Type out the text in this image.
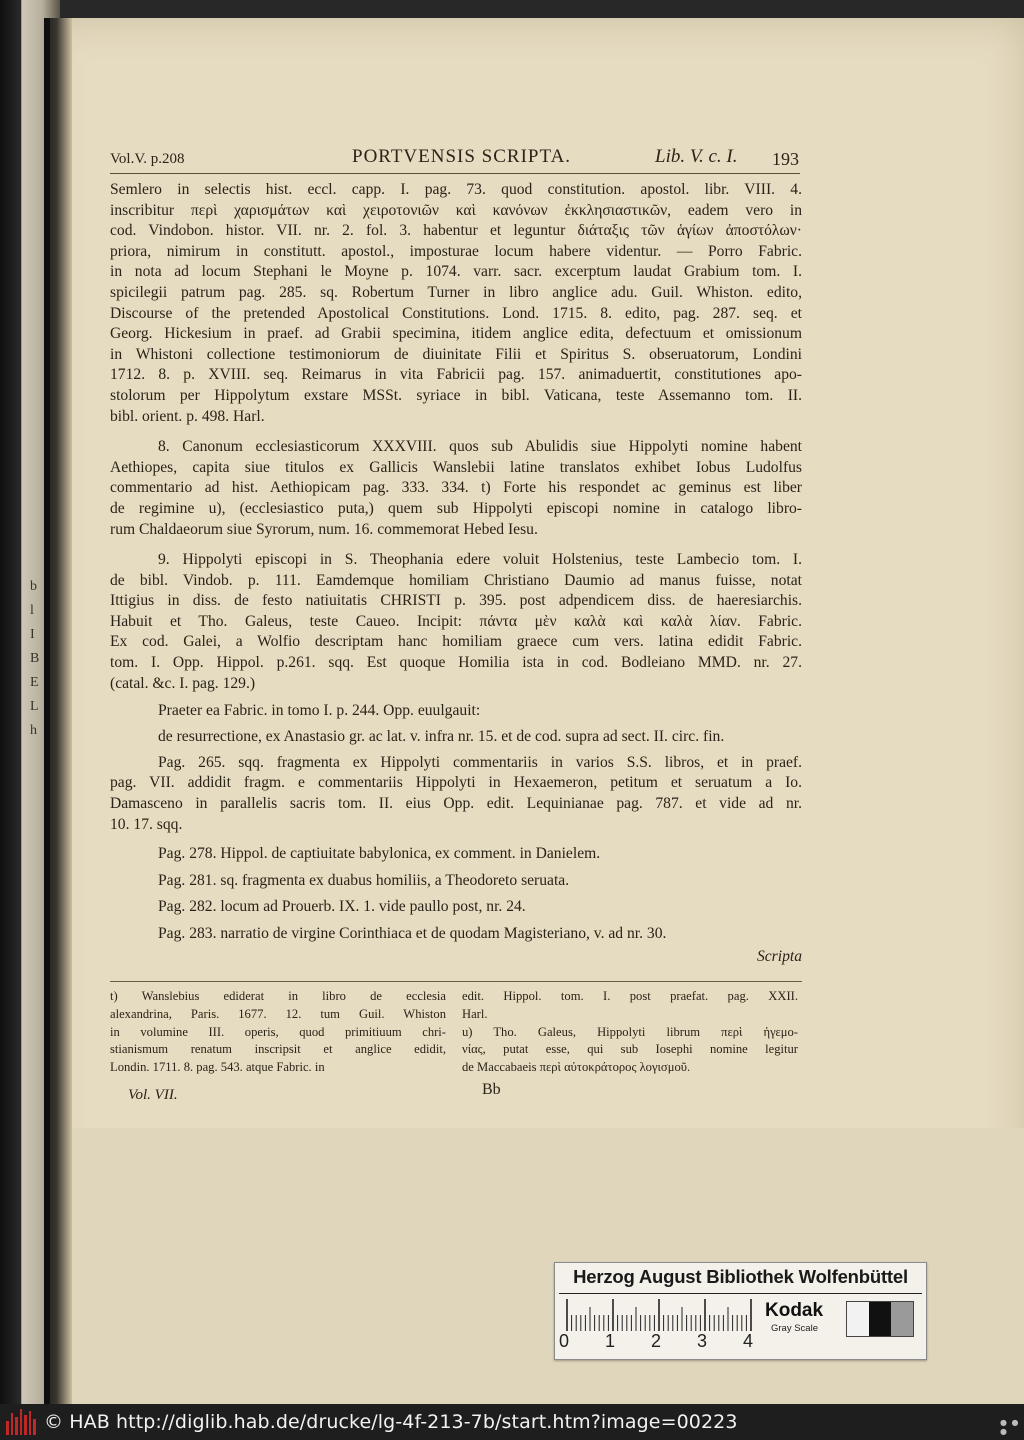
b
l
I
B
E
L
h
Vol.V. p.208	PORTVENSIS SCRIPTA.	Lib. V. c. I. 193
Semlero in selectis hist. eccl. capp. I. pag. 73. quod constitution. apostol. libr. VIII. 4.
inscribitur περὶ χαρισμάτων καὶ χειροτονιῶν καὶ κανόνων ἐκκλησιαστικῶν, eadem vero in
cod. Vindobon. histor. VII. nr. 2. fol. 3. habentur et leguntur διάταξις τῶν ἁγίων ἀποστόλων·
priora, nimirum in constitutt. apostol., imposturae locum habere videntur. — Porro Fabric.
in nota ad locum Stephani le Moyne p. 1074. varr. sacr. excerptum laudat Grabium tom. I.
spicilegii patrum pag. 285. sq. Robertum Turner in libro anglice adu. Guil. Whiston. edito,
Discourse of the pretended Apostolical Constitutions. Lond. 1715. 8. edito, pag. 287. seq. et
Georg. Hickesium in praef. ad Grabii specimina, itidem anglice edita, defectuum et omissionum
in Whistoni collectione testimoniorum de diuinitate Filii et Spiritus S. obseruatorum, Londini
1712. 8. p. XVIII. seq. Reimarus in vita Fabricii pag. 157. animaduertit, constitutiones apo-
stolorum per Hippolytum exstare MSSt. syriace in bibl. Vaticana, teste Assemanno tom. II.
bibl. orient. p. 498. Harl.
8. Canonum ecclesiasticorum XXXVIII. quos sub Abulidis siue Hippolyti nomine habent
Aethiopes, capita siue titulos ex Gallicis Wanslebii latine translatos exhibet Iobus Ludolfus
commentario ad hist. Aethiopicam pag. 333. 334. t) Forte his respondet ac geminus est liber
de regimine u), (ecclesiastico puta,) quem sub Hippolyti episcopi nomine in catalogo libro-
rum Chaldaeorum siue Syrorum, num. 16. commemorat Hebed Iesu.
9. Hippolyti episcopi in S. Theophania edere voluit Holstenius, teste Lambecio tom. I.
de bibl. Vindob. p. 111. Eamdemque homiliam Christiano Daumio ad manus fuisse, notat
Ittigius in diss. de festo natiuitatis CHRISTI p. 395. post adpendicem diss. de haeresiarchis.
Habuit et Tho. Galeus, teste Caueo. Incipit: πάντα μὲν καλὰ καὶ καλὰ λίαν. Fabric.
Ex cod. Galei, a Wolfio descriptam hanc homiliam graece cum vers. latina edidit Fabric.
tom. I. Opp. Hippol. p.261. sqq. Est quoque Homilia ista in cod. Bodleiano MMD. nr. 27.
(catal. &c. I. pag. 129.)
Praeter ea Fabric. in tomo I. p. 244. Opp. euulgauit:
de resurrectione, ex Anastasio gr. ac lat. v. infra nr. 15. et de cod. supra ad sect. II. circ. fin.
Pag. 265. sqq. fragmenta ex Hippolyti commentariis in varios S.S. libros, et in praef.
pag. VII. addidit fragm. e commentariis Hippolyti in Hexaemeron, petitum et seruatum a Io.
Damasceno in parallelis sacris tom. II. eius Opp. edit. Lequinianae pag. 787. et vide ad nr.
10. 17. sqq.
Pag. 278. Hippol. de captiuitate babylonica, ex comment. in Danielem.
Pag. 281. sq. fragmenta ex duabus homiliis, a Theodoreto seruata.
Pag. 282. locum ad Prouerb. IX. 1. vide paullo post, nr. 24.
Pag. 283. narratio de virgine Corinthiaca et de quodam Magisteriano, v. ad nr. 30.
Scripta
t) Wanslebius ediderat in libro de ecclesia
alexandrina, Paris. 1677. 12. tum Guil. Whiston
in volumine III. operis, quod primitiuum chri-
stianismum renatum inscripsit et anglice edidit,
Londin. 1711. 8. pag. 543. atque Fabric. in
edit. Hippol. tom. I. post praefat. pag. XXII.
Harl.
u) Tho. Galeus, Hippolyti librum περὶ ἡγεμο-
νίας, putat esse, qui sub Iosephi nomine legitur
de Maccabaeis περὶ αὐτοκράτορος λογισμοῦ.
Vol. VII.	Bb
Herzog August Bibliothek Wolfenbüttel
0 1 2 3 4
Kodak
Gray Scale
© HAB http://diglib.hab.de/drucke/lg-4f-213-7b/start.htm?image=00223	● ● ●
